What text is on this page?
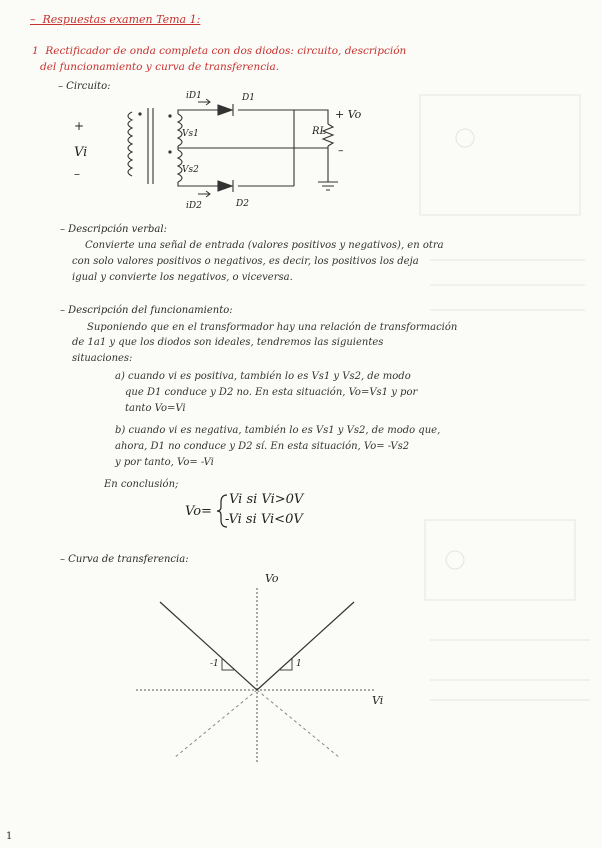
– Respuestas examen Tema 1:
1 Rectificador de onda completa con dos diodos: circuito, descripción
del funcionamiento y curva de transferencia.
– Circuito:
+
Vi
–
iD1	D1
Vs1
Vs2
RL
+ Vo
–
iD2	D2
– Descripción verbal:
Convierte una señal de entrada (valores positivos y negativos), en otra
con solo valores positivos o negativos, es decir, los positivos los deja
igual y convierte los negativos, o viceversa.
– Descripción del funcionamiento:
Suponiendo que en el transformador hay una relación de transformación
de 1a1 y que los diodos son ideales, tendremos las siguientes
situaciones:
a) cuando vi es positiva, también lo es Vs1 y Vs2, de modo
que D1 conduce y D2 no. En esta situación, Vo=Vs1 y por
tanto Vo=Vi
b) cuando vi es negativa, también lo es Vs1 y Vs2, de modo que,
ahora, D1 no conduce y D2 sí. En esta situación, Vo= -Vs2
y por tanto, Vo= -Vi
En conclusión;
Vo=
Vi si Vi>0V
-Vi si Vi<0V
– Curva de transferencia:
Vo
Vi
-1	1
1
